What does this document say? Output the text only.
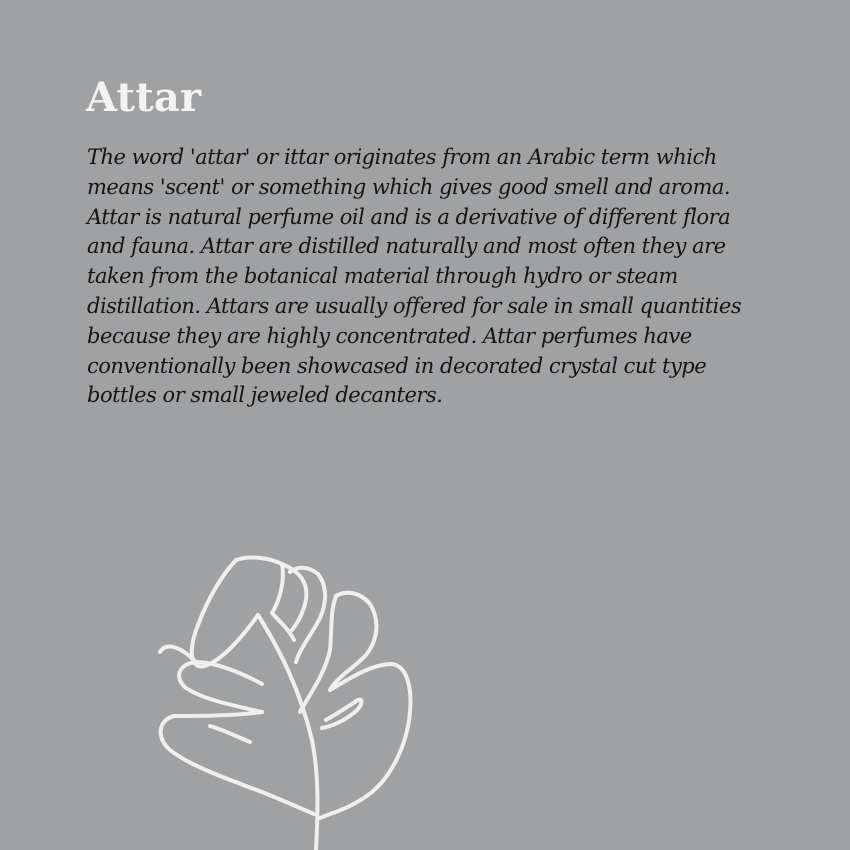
Attar
The word 'attar' or ittar originates from an Arabic term which
means 'scent' or something which gives good smell and aroma.
Attar is natural perfume oil and is a derivative of different flora
and fauna. Attar are distilled naturally and most often they are
taken from the botanical material through hydro or steam
distillation. Attars are usually offered for sale in small quantities
because they are highly concentrated. Attar perfumes have
conventionally been showcased in decorated crystal cut type
bottles or small jeweled decanters.
